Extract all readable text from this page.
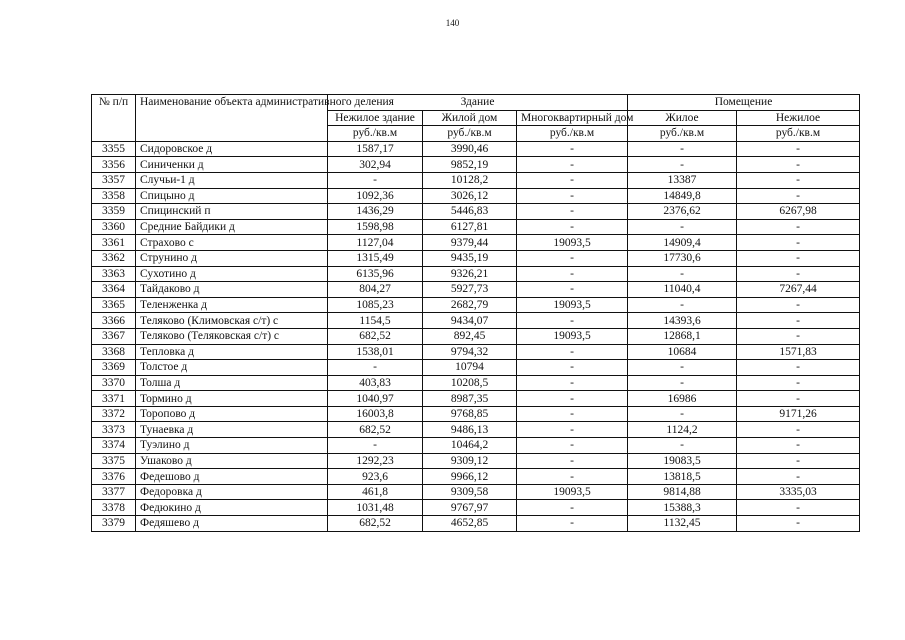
140
№ п/п	Наименование объекта административного деления	Здание			Помещение	
		Нежилое здание	Жилой дом	Многоквартирный дом	Жилое	Нежилое
		руб./кв.м	руб./кв.м	руб./кв.м	руб./кв.м	руб./кв.м
3355	Сидоровское д	1587,17	3990,46	-	-	-
3356	Синиченки д	302,94	9852,19	-	-	-
3357	Случьи-1 д	-	10128,2	-	13387	-
3358	Спицыно д	1092,36	3026,12	-	14849,8	-
3359	Спицинский п	1436,29	5446,83	-	2376,62	6267,98
3360	Средние Байдики д	1598,98	6127,81	-	-	-
3361	Страхово с	1127,04	9379,44	19093,5	14909,4	-
3362	Струнино д	1315,49	9435,19	-	17730,6	-
3363	Сухотино д	6135,96	9326,21	-	-	-
3364	Тайдаково д	804,27	5927,73	-	11040,4	7267,44
3365	Теленженка д	1085,23	2682,79	19093,5	-	-
3366	Теляково (Климовская с/т) с	1154,5	9434,07	-	14393,6	-
3367	Теляково (Теляковская с/т) с	682,52	892,45	19093,5	12868,1	-
3368	Тепловка д	1538,01	9794,32	-	10684	1571,83
3369	Толстое д	-	10794	-	-	-
3370	Толша д	403,83	10208,5	-	-	-
3371	Тормино д	1040,97	8987,35	-	16986	-
3372	Торопово д	16003,8	9768,85	-	-	9171,26
3373	Тунаевка д	682,52	9486,13	-	1124,2	-
3374	Туэлино д	-	10464,2	-	-	-
3375	Ушаково д	1292,23	9309,12	-	19083,5	-
3376	Федешово д	923,6	9966,12	-	13818,5	-
3377	Федоровка д	461,8	9309,58	19093,5	9814,88	3335,03
3378	Федюкино д	1031,48	9767,97	-	15388,3	-
3379	Федяшево д	682,52	4652,85	-	1132,45	-
